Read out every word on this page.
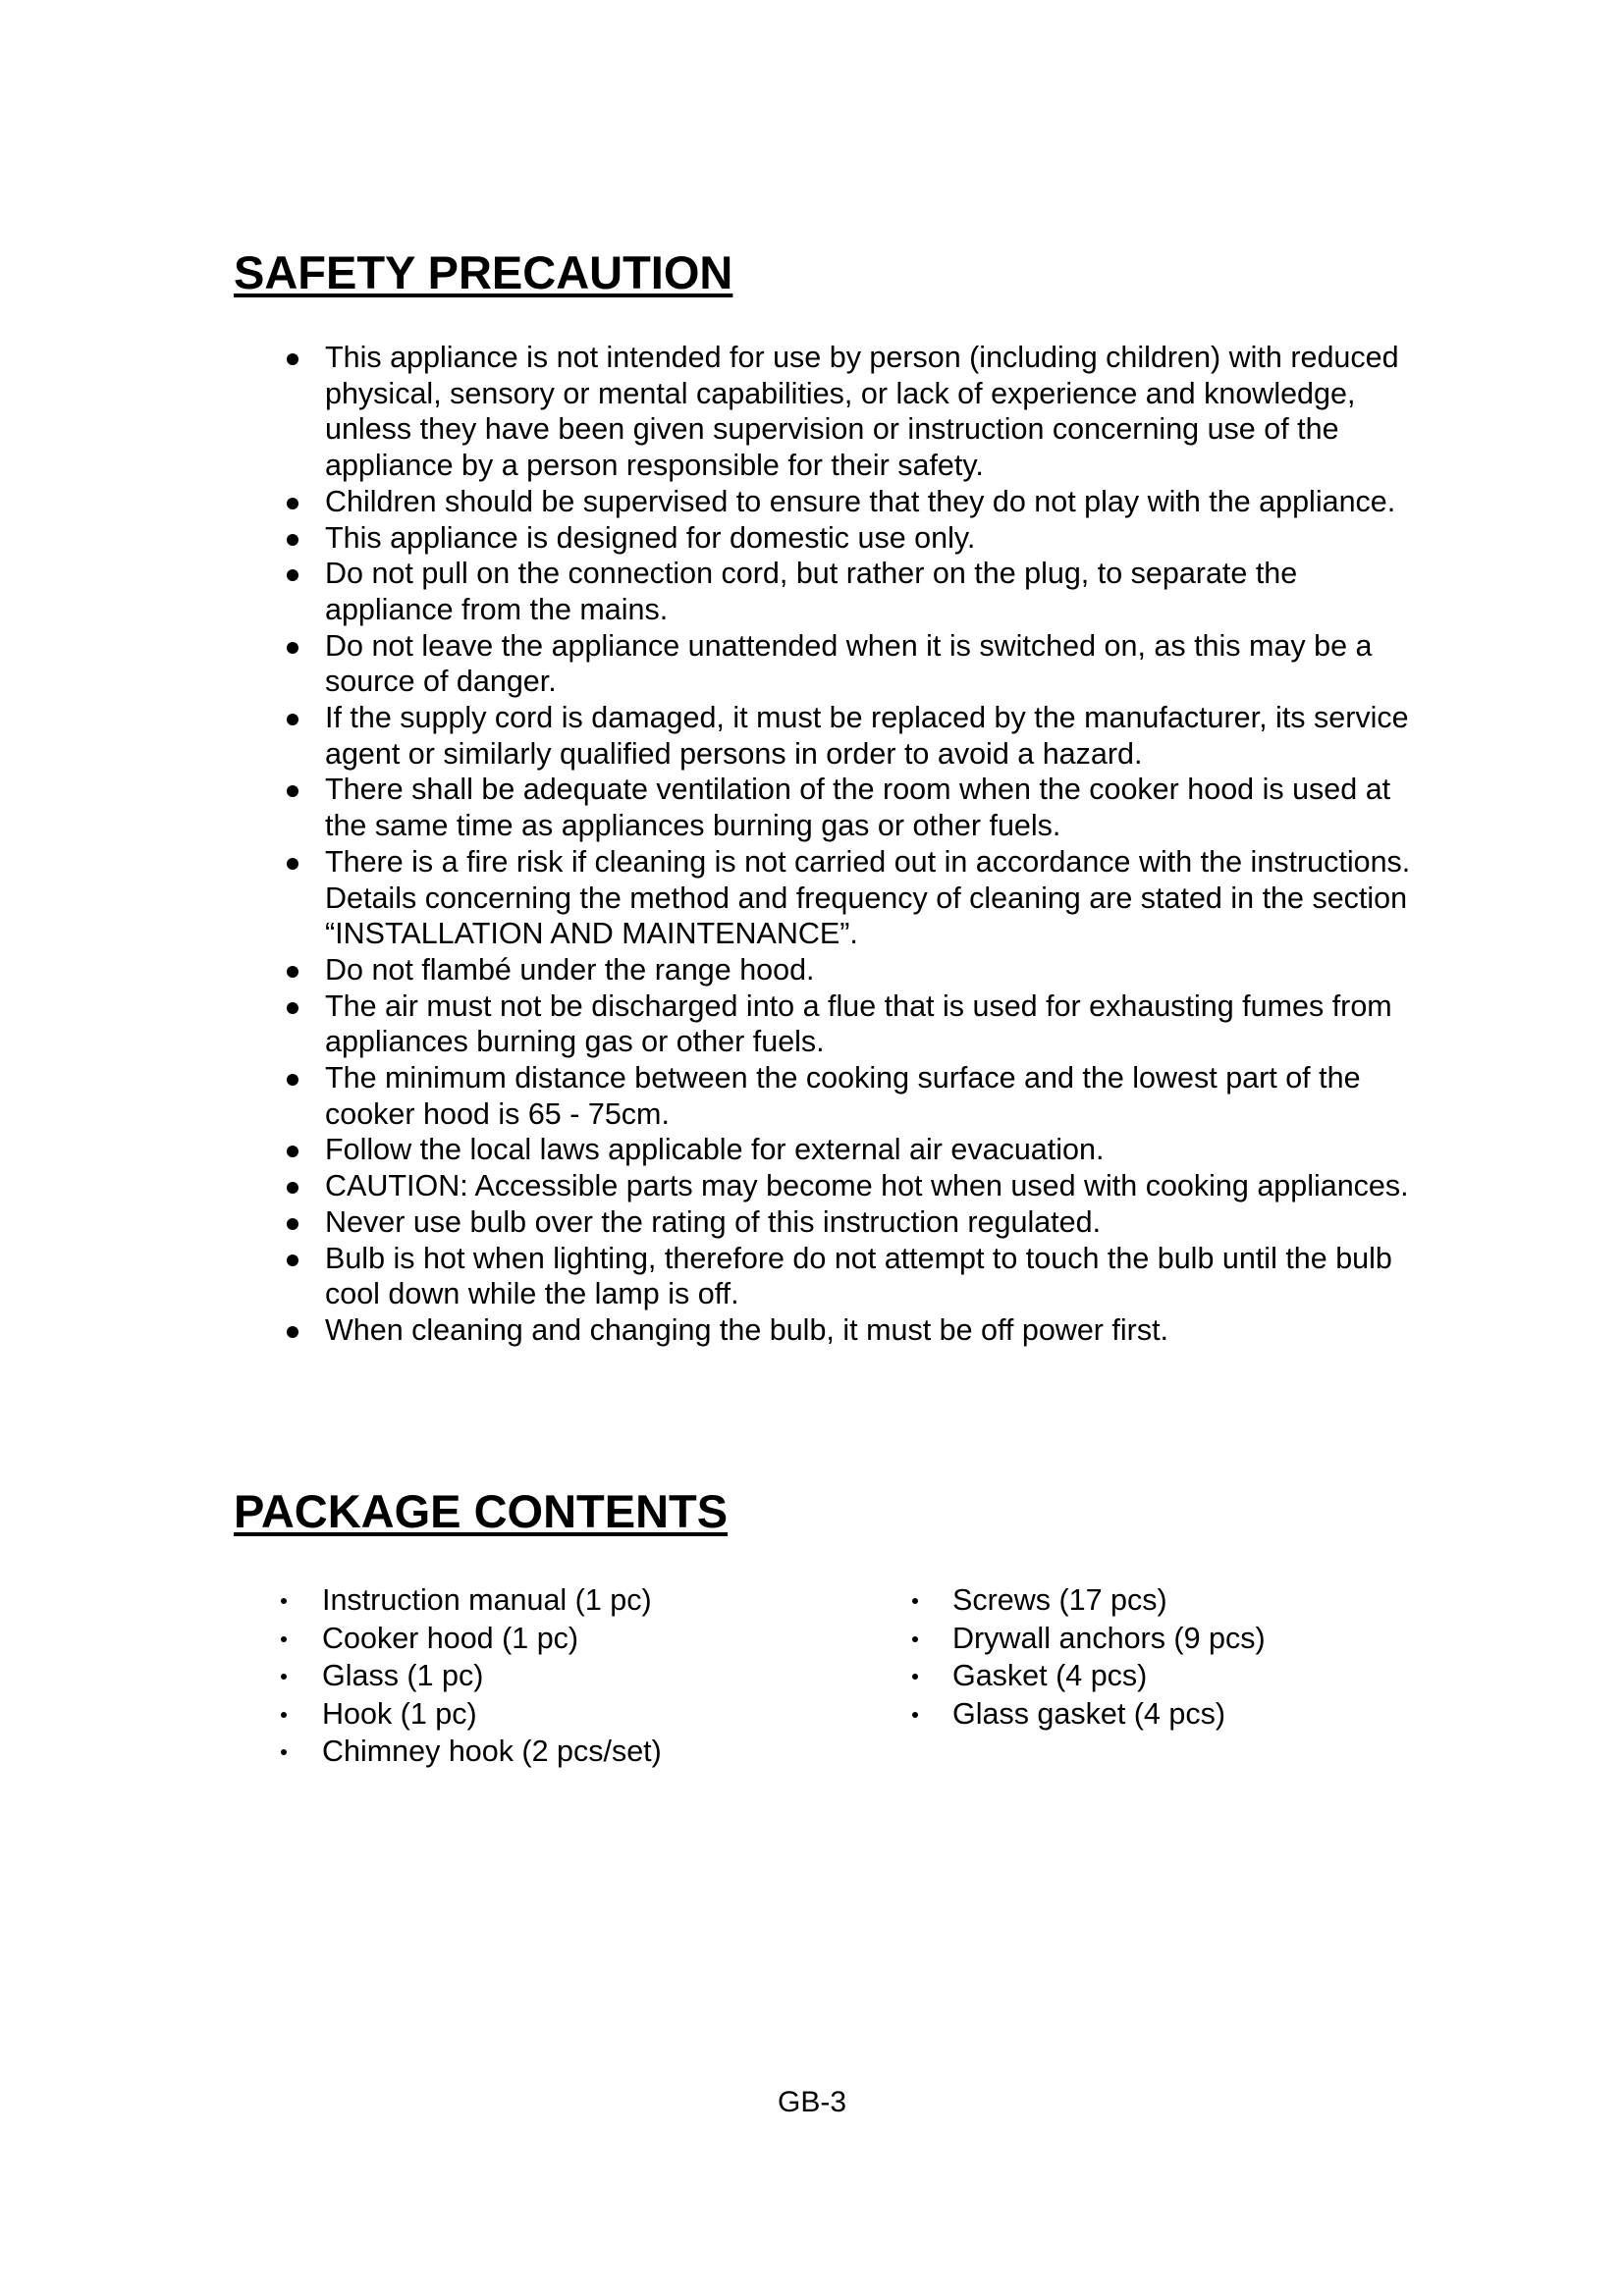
SAFETY PRECAUTION
This appliance is not intended for use by person (including children) with reduced physical, sensory or mental capabilities, or lack of experience and knowledge, unless they have been given supervision or instruction concerning use of the appliance by a person responsible for their safety.
Children should be supervised to ensure that they do not play with the appliance.
This appliance is designed for domestic use only.
Do not pull on the connection cord, but rather on the plug, to separate the appliance from the mains.
Do not leave the appliance unattended when it is switched on, as this may be a source of danger.
If the supply cord is damaged, it must be replaced by the manufacturer, its service agent or similarly qualified persons in order to avoid a hazard.
There shall be adequate ventilation of the room when the cooker hood is used at the same time as appliances burning gas or other fuels.
There is a fire risk if cleaning is not carried out in accordance with the instructions. Details concerning the method and frequency of cleaning are stated in the section “INSTALLATION AND MAINTENANCE”.
Do not flambé under the range hood.
The air must not be discharged into a flue that is used for exhausting fumes from appliances burning gas or other fuels.
The minimum distance between the cooking surface and the lowest part of the cooker hood is 65 - 75cm.
Follow the local laws applicable for external air evacuation.
CAUTION: Accessible parts may become hot when used with cooking appliances.
Never use bulb over the rating of this instruction regulated.
Bulb is hot when lighting, therefore do not attempt to touch the bulb until the bulb cool down while the lamp is off.
When cleaning and changing the bulb, it must be off power first.
PACKAGE CONTENTS
Instruction manual (1 pc)
Cooker hood (1 pc)
Glass (1 pc)
Hook (1 pc)
Chimney hook (2 pcs/set)
Screws (17 pcs)
Drywall anchors (9 pcs)
Gasket (4 pcs)
Glass gasket (4 pcs)

GB-3
